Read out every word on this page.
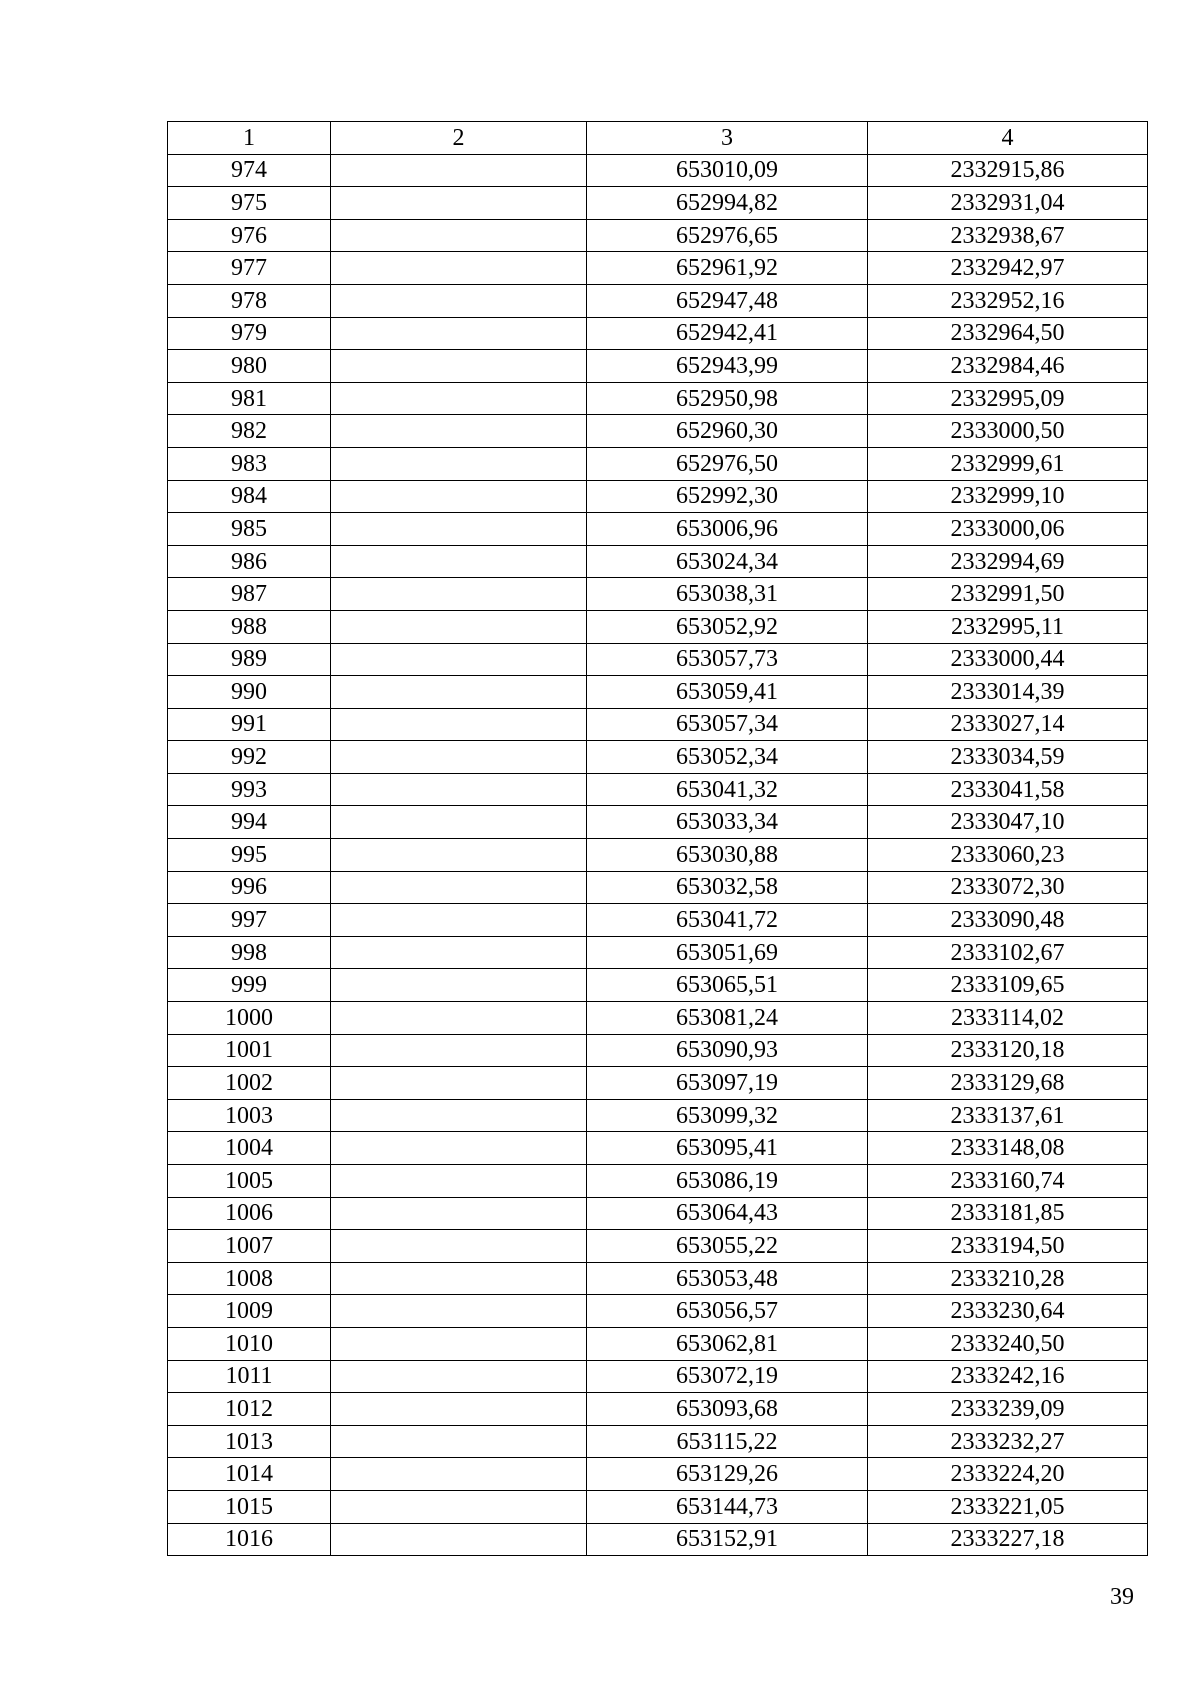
1	2	3	4
974		653010,09	2332915,86
975		652994,82	2332931,04
976		652976,65	2332938,67
977		652961,92	2332942,97
978		652947,48	2332952,16
979		652942,41	2332964,50
980		652943,99	2332984,46
981		652950,98	2332995,09
982		652960,30	2333000,50
983		652976,50	2332999,61
984		652992,30	2332999,10
985		653006,96	2333000,06
986		653024,34	2332994,69
987		653038,31	2332991,50
988		653052,92	2332995,11
989		653057,73	2333000,44
990		653059,41	2333014,39
991		653057,34	2333027,14
992		653052,34	2333034,59
993		653041,32	2333041,58
994		653033,34	2333047,10
995		653030,88	2333060,23
996		653032,58	2333072,30
997		653041,72	2333090,48
998		653051,69	2333102,67
999		653065,51	2333109,65
1000		653081,24	2333114,02
1001		653090,93	2333120,18
1002		653097,19	2333129,68
1003		653099,32	2333137,61
1004		653095,41	2333148,08
1005		653086,19	2333160,74
1006		653064,43	2333181,85
1007		653055,22	2333194,50
1008		653053,48	2333210,28
1009		653056,57	2333230,64
1010		653062,81	2333240,50
1011		653072,19	2333242,16
1012		653093,68	2333239,09
1013		653115,22	2333232,27
1014		653129,26	2333224,20
1015		653144,73	2333221,05
1016		653152,91	2333227,18
39
